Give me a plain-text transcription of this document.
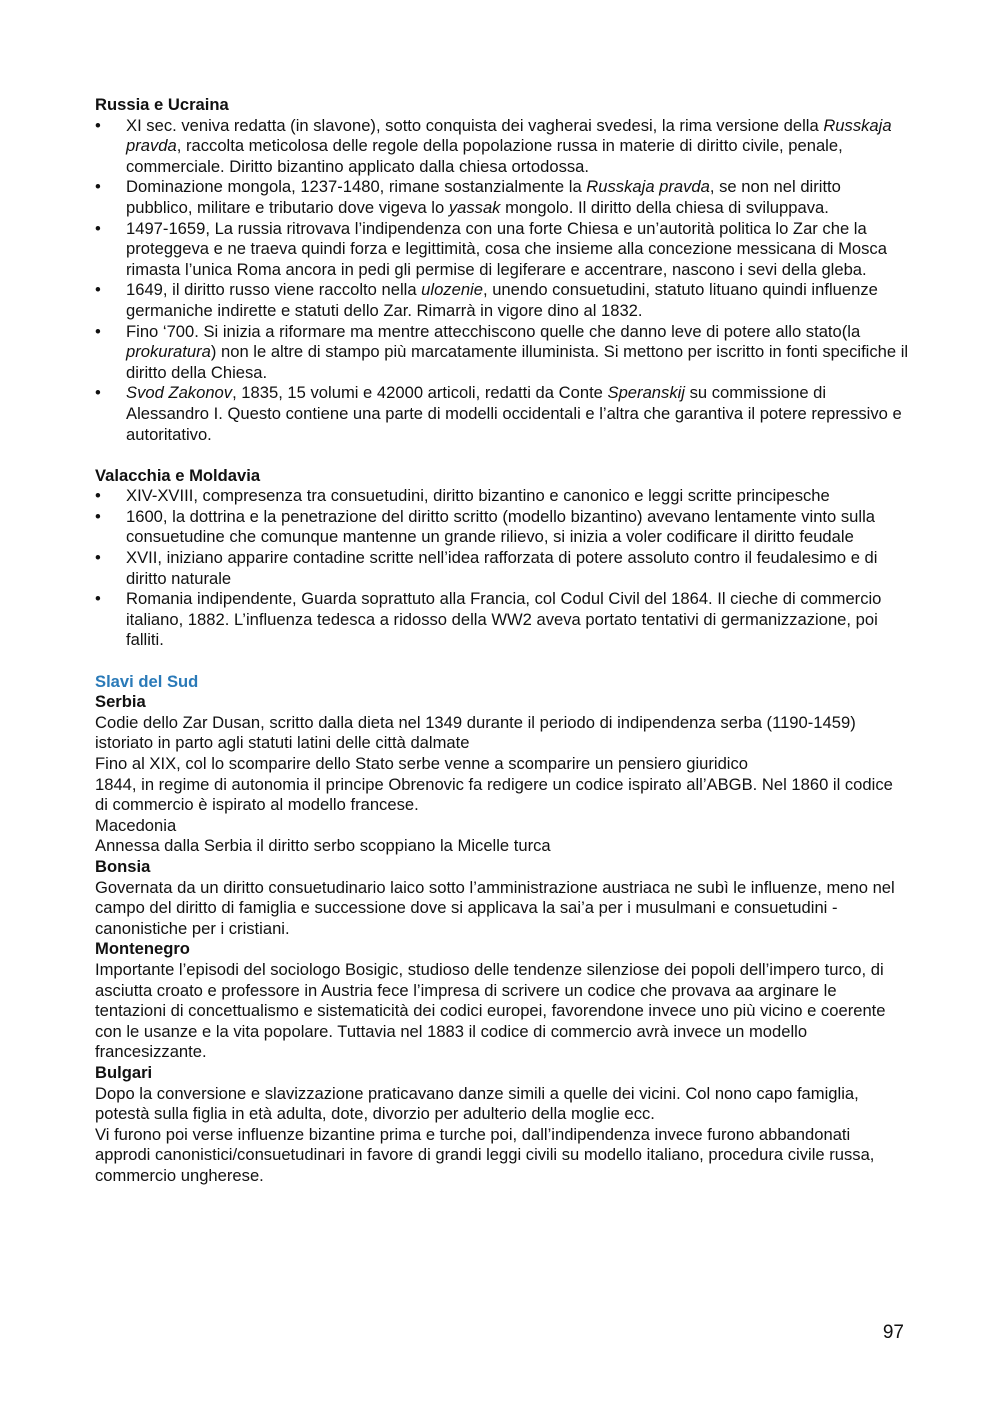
Russia e Ucraina

•	XI sec. veniva redatta (in slavone), sotto conquista dei vagherai svedesi, la rima versione della Russkaja pravda, raccolta meticolosa delle regole della popolazione russa in materie di diritto civile, penale, commerciale. Diritto bizantino applicato dalla chiesa ortodossa.
•	Dominazione mongola, 1237-1480, rimane sostanzialmente la Russkaja pravda, se non nel diritto pubblico, militare e tributario dove vigeva lo yassak mongolo. Il diritto della chiesa di sviluppava.
•	1497-1659, La russia ritrovava l’indipendenza con una forte Chiesa e un’autorità politica lo Zar che la proteggeva e ne traeva quindi forza e legittimità, cosa che insieme alla concezione messicana di Mosca rimasta l’unica Roma ancora in pedi gli permise di legiferare e accentrare, nascono i sevi della gleba.
•	1649, il diritto russo viene raccolto nella ulozenie, unendo consuetudini, statuto lituano quindi influenze germaniche indirette e statuti dello Zar. Rimarrà in vigore dino al 1832.
•	Fino ‘700. Si inizia a riformare ma mentre attecchiscono quelle che danno leve di potere allo stato(la prokuratura) non le altre di stampo più marcatamente illuminista. Si mettono per iscritto in fonti specifiche il diritto della Chiesa.
•	Svod Zakonov, 1835, 15 volumi e 42000 articoli, redatti da Conte Speranskij su commissione di Alessandro I. Questo contiene una parte di modelli occidentali e l’altra che garantiva il potere repressivo e autoritativo.

Valacchia e Moldavia

•	XIV-XVIII, compresenza tra consuetudini, diritto bizantino e canonico e leggi scritte principesche
•	1600, la dottrina e la penetrazione del diritto scritto (modello bizantino) avevano lentamente vinto sulla consuetudine che comunque mantenne un grande rilievo, si inizia a voler codificare il diritto feudale
•	XVII, iniziano apparire contadine scritte nell’idea rafforzata di potere assoluto contro il feudalesimo e di diritto naturale
•	Romania indipendente, Guarda soprattuto alla Francia, col Codul Civil del 1864. Il cieche di commercio italiano, 1882. L’influenza tedesca a ridosso della WW2 aveva portato tentativi di germanizzazione, poi falliti.

Slavi del Sud

Serbia

Codie dello Zar Dusan, scritto dalla dieta nel 1349 durante il periodo di indipendenza serba (1190-1459) istoriato in parto agli statuti latini delle città dalmate

Fino al XIX, col lo scomparire dello Stato serbe venne a scomparire un pensiero giuridico

1844, in regime di autonomia il principe Obrenovic fa redigere un codice ispirato all’ABGB. Nel 1860 il codice di commercio è ispirato al modello francese.

Macedonia

Annessa dalla Serbia il diritto serbo scoppiano la Micelle turca

Bonsia

Governata da un diritto consuetudinario laico sotto l’amministrazione austriaca ne subì le influenze, meno nel campo del diritto di famiglia e successione dove si applicava la sai’a per i musulmani e consuetudini - canonistiche per i cristiani.

Montenegro

Importante l’episodi del sociologo Bosigic, studioso delle tendenze silenziose dei popoli dell’impero turco, di asciutta croato e professore in Austria fece l’impresa di scrivere un codice che provava aa arginare le tentazioni di concettualismo e sistematicità dei codici europei, favorendone invece uno più vicino e coerente con le usanze e la vita popolare. Tuttavia nel 1883 il codice di commercio avrà invece un modello francesizzante.

Bulgari

Dopo la conversione e slavizzazione praticavano danze simili a quelle dei vicini. Col nono capo famiglia, potestà sulla figlia in età adulta, dote, divorzio per adulterio della moglie ecc.

Vi furono poi verse influenze bizantine prima e turche poi, dall’indipendenza invece furono abbandonati approdi canonistici/consuetudinari in favore di grandi leggi civili su modello italiano, procedura civile russa, commercio ungherese.

97
